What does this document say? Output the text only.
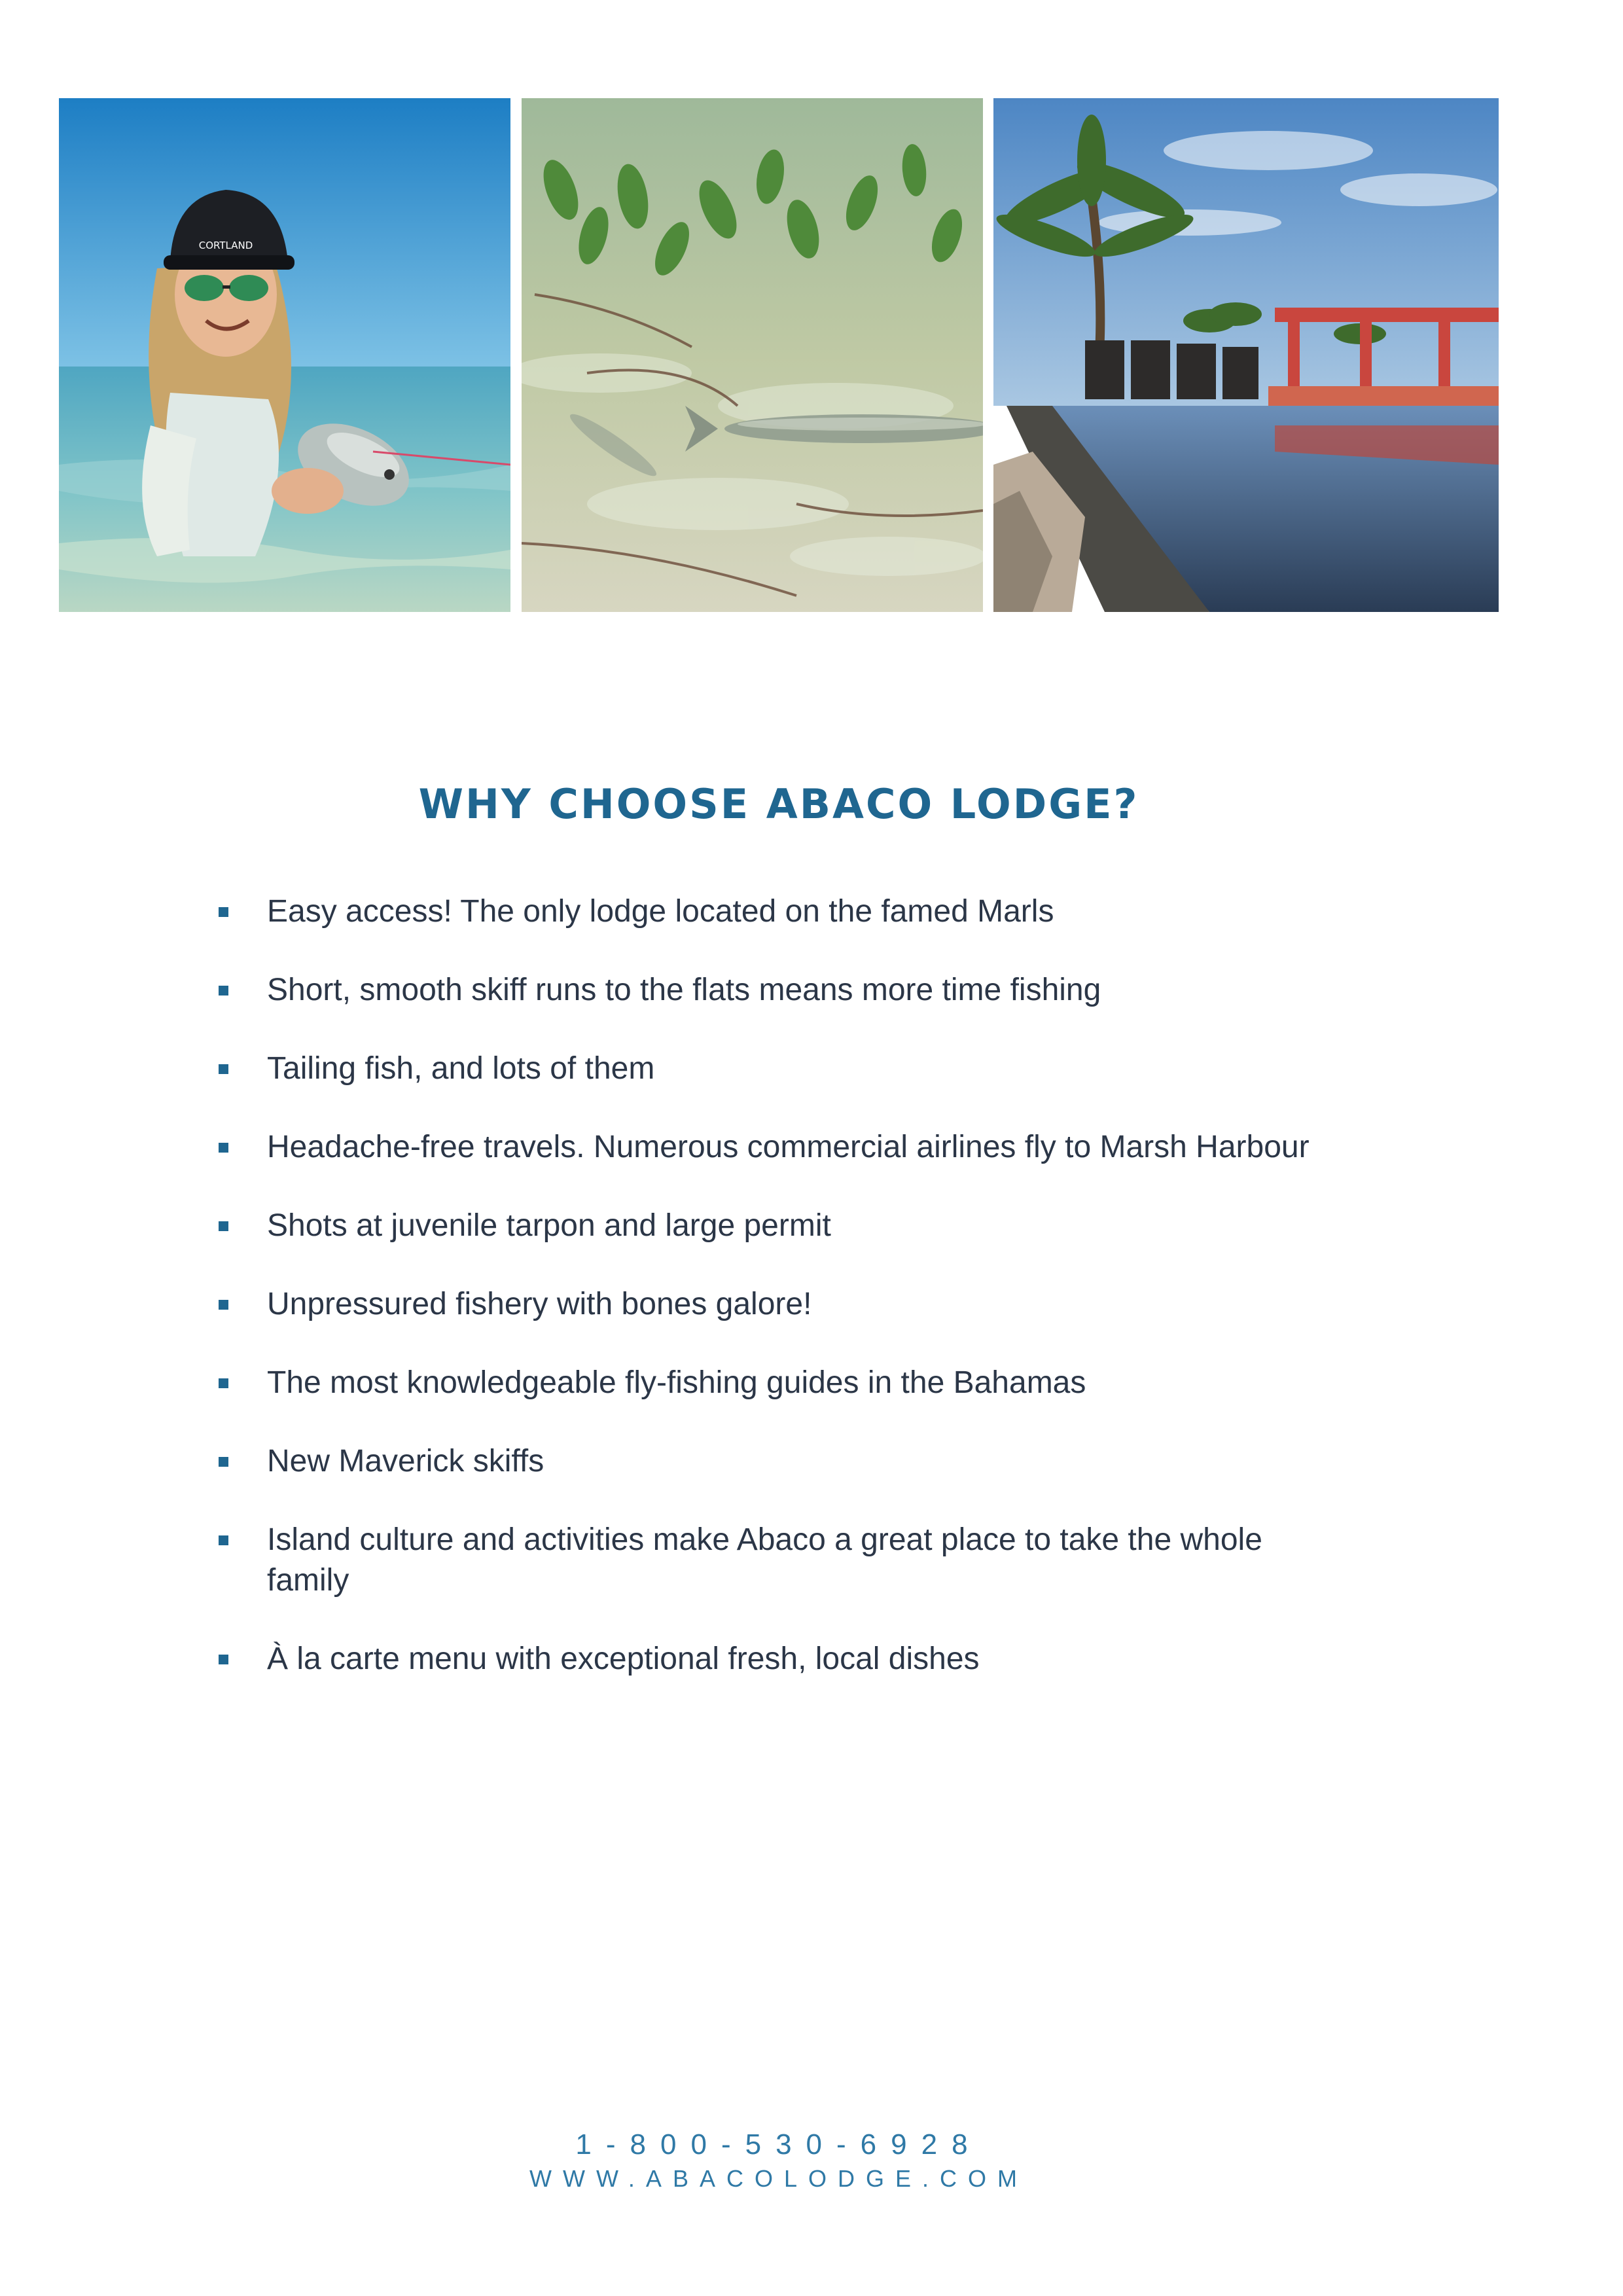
CORTLAND
WHY CHOOSE ABACO LODGE?
Easy access! The only lodge located on the famed Marls
Short, smooth skiff runs to the flats means more time fishing
Tailing fish, and lots of them
Headache-free travels. Numerous commercial airlines fly to Marsh Harbour
Shots at juvenile tarpon and large permit
Unpressured fishery with bones galore!
The most knowledgeable fly-fishing guides in the Bahamas
New Maverick skiffs
Island culture and activities make Abaco a great place to take the whole family
À la carte menu with exceptional fresh, local dishes
1-800-530-6928
WWW.ABACOLODGE.COM
